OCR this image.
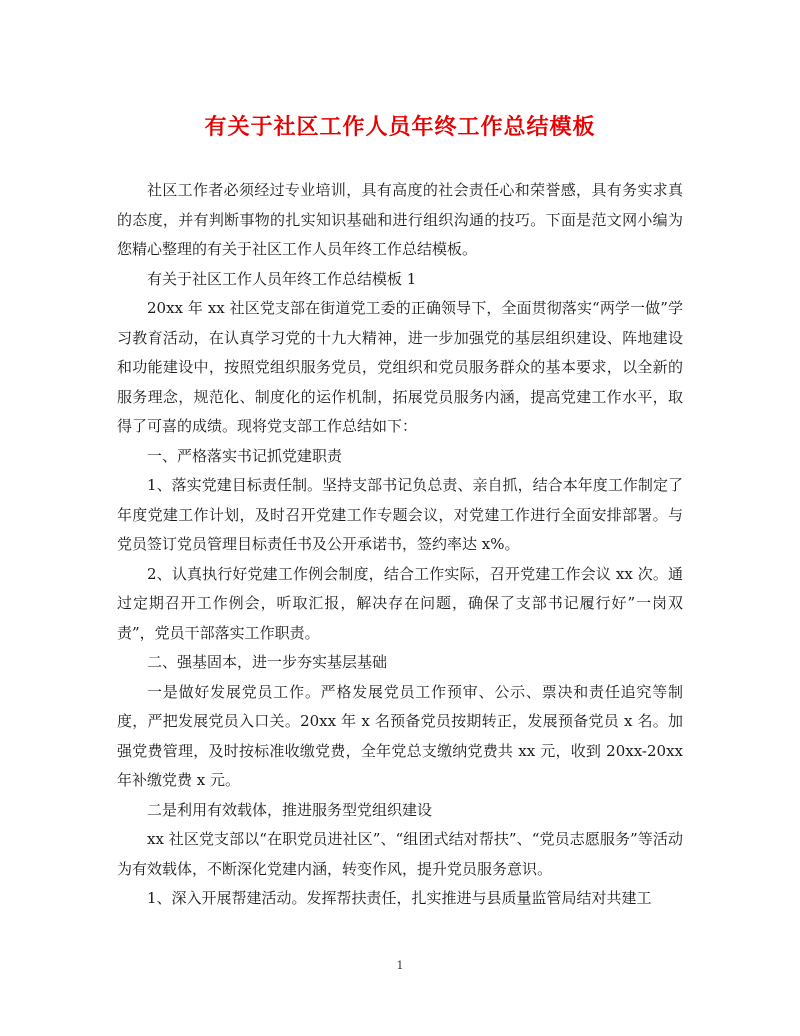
有关于社区工作人员年终工作总结模板

社区工作者必须经过专业培训，具有高度的社会责任心和荣誉感，具有务实求真的态度，并有判断事物的扎实知识基础和进行组织沟通的技巧。下面是范文网小编为您精心整理的有关于社区工作人员年终工作总结模板。

有关于社区工作人员年终工作总结模板 1

20xx 年 xx 社区党支部在街道党工委的正确领导下，全面贯彻落实“两学一做”学习教育活动，在认真学习党的十九大精神，进一步加强党的基层组织建设、阵地建设和功能建设中，按照党组织服务党员，党组织和党员服务群众的基本要求，以全新的服务理念，规范化、制度化的运作机制，拓展党员服务内涵，提高党建工作水平，取得了可喜的成绩。现将党支部工作总结如下：

一、严格落实书记抓党建职责

1、落实党建目标责任制。坚持支部书记负总责、亲自抓，结合本年度工作制定了年度党建工作计划，及时召开党建工作专题会议，对党建工作进行全面安排部署。与党员签订党员管理目标责任书及公开承诺书，签约率达 x%。

2、认真执行好党建工作例会制度，结合工作实际，召开党建工作会议 xx 次。通过定期召开工作例会，听取汇报，解决存在问题，确保了支部书记履行好”一岗双责”，党员干部落实工作职责。

二、强基固本，进一步夯实基层基础

一是做好发展党员工作。严格发展党员工作预审、公示、票决和责任追究等制度，严把发展党员入口关。20xx 年 x 名预备党员按期转正，发展预备党员 x 名。加强党费管理，及时按标准收缴党费，全年党总支缴纳党费共 xx 元，收到 20xx-20xx 年补缴党费 x 元。

二是利用有效载体，推进服务型党组织建设

xx 社区党支部以“在职党员进社区”、“组团式结对帮扶”、“党员志愿服务”等活动为有效载体，不断深化党建内涵，转变作风，提升党员服务意识。

1、深入开展帮建活动。发挥帮扶责任，扎实推进与县质量监管局结对共建工

1
